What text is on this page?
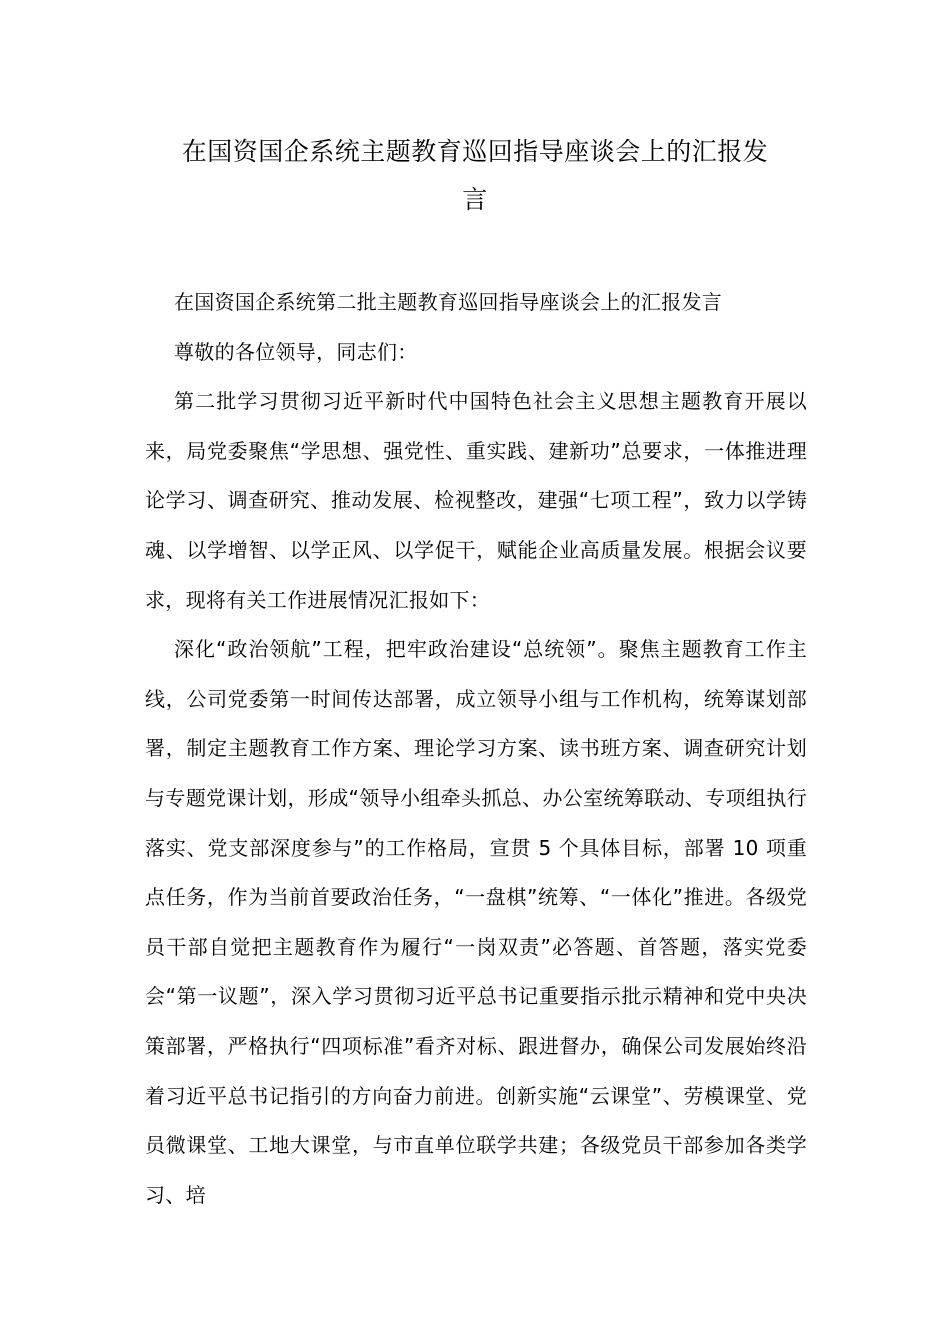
在国资国企系统主题教育巡回指导座谈会上的汇报发
言

在国资国企系统第二批主题教育巡回指导座谈会上的汇报发言

尊敬的各位领导，同志们：

第二批学习贯彻习近平新时代中国特色社会主义思想主题教育开展以来，局党委聚焦“学思想、强党性、重实践、建新功”总要求，一体推进理论学习、调查研究、推动发展、检视整改，建强“七项工程”，致力以学铸魂、以学增智、以学正风、以学促干，赋能企业高质量发展。根据会议要求，现将有关工作进展情况汇报如下：

深化“政治领航”工程，把牢政治建设“总统领”。聚焦主题教育工作主线，公司党委第一时间传达部署，成立领导小组与工作机构，统筹谋划部署，制定主题教育工作方案、理论学习方案、读书班方案、调查研究计划与专题党课计划，形成“领导小组牵头抓总、办公室统筹联动、专项组执行落实、党支部深度参与”的工作格局，宣贯 5 个具体目标，部署 10 项重点任务，作为当前首要政治任务，“一盘棋”统筹、“一体化”推进。各级党员干部自觉把主题教育作为履行“一岗双责”必答题、首答题，落实党委会“第一议题”，深入学习贯彻习近平总书记重要指示批示精神和党中央决策部署，严格执行“四项标准”看齐对标、跟进督办，确保公司发展始终沿着习近平总书记指引的方向奋力前进。创新实施“云课堂”、劳模课堂、党员微课堂、工地大课堂，与市直单位联学共建；各级党员干部参加各类学习、培
